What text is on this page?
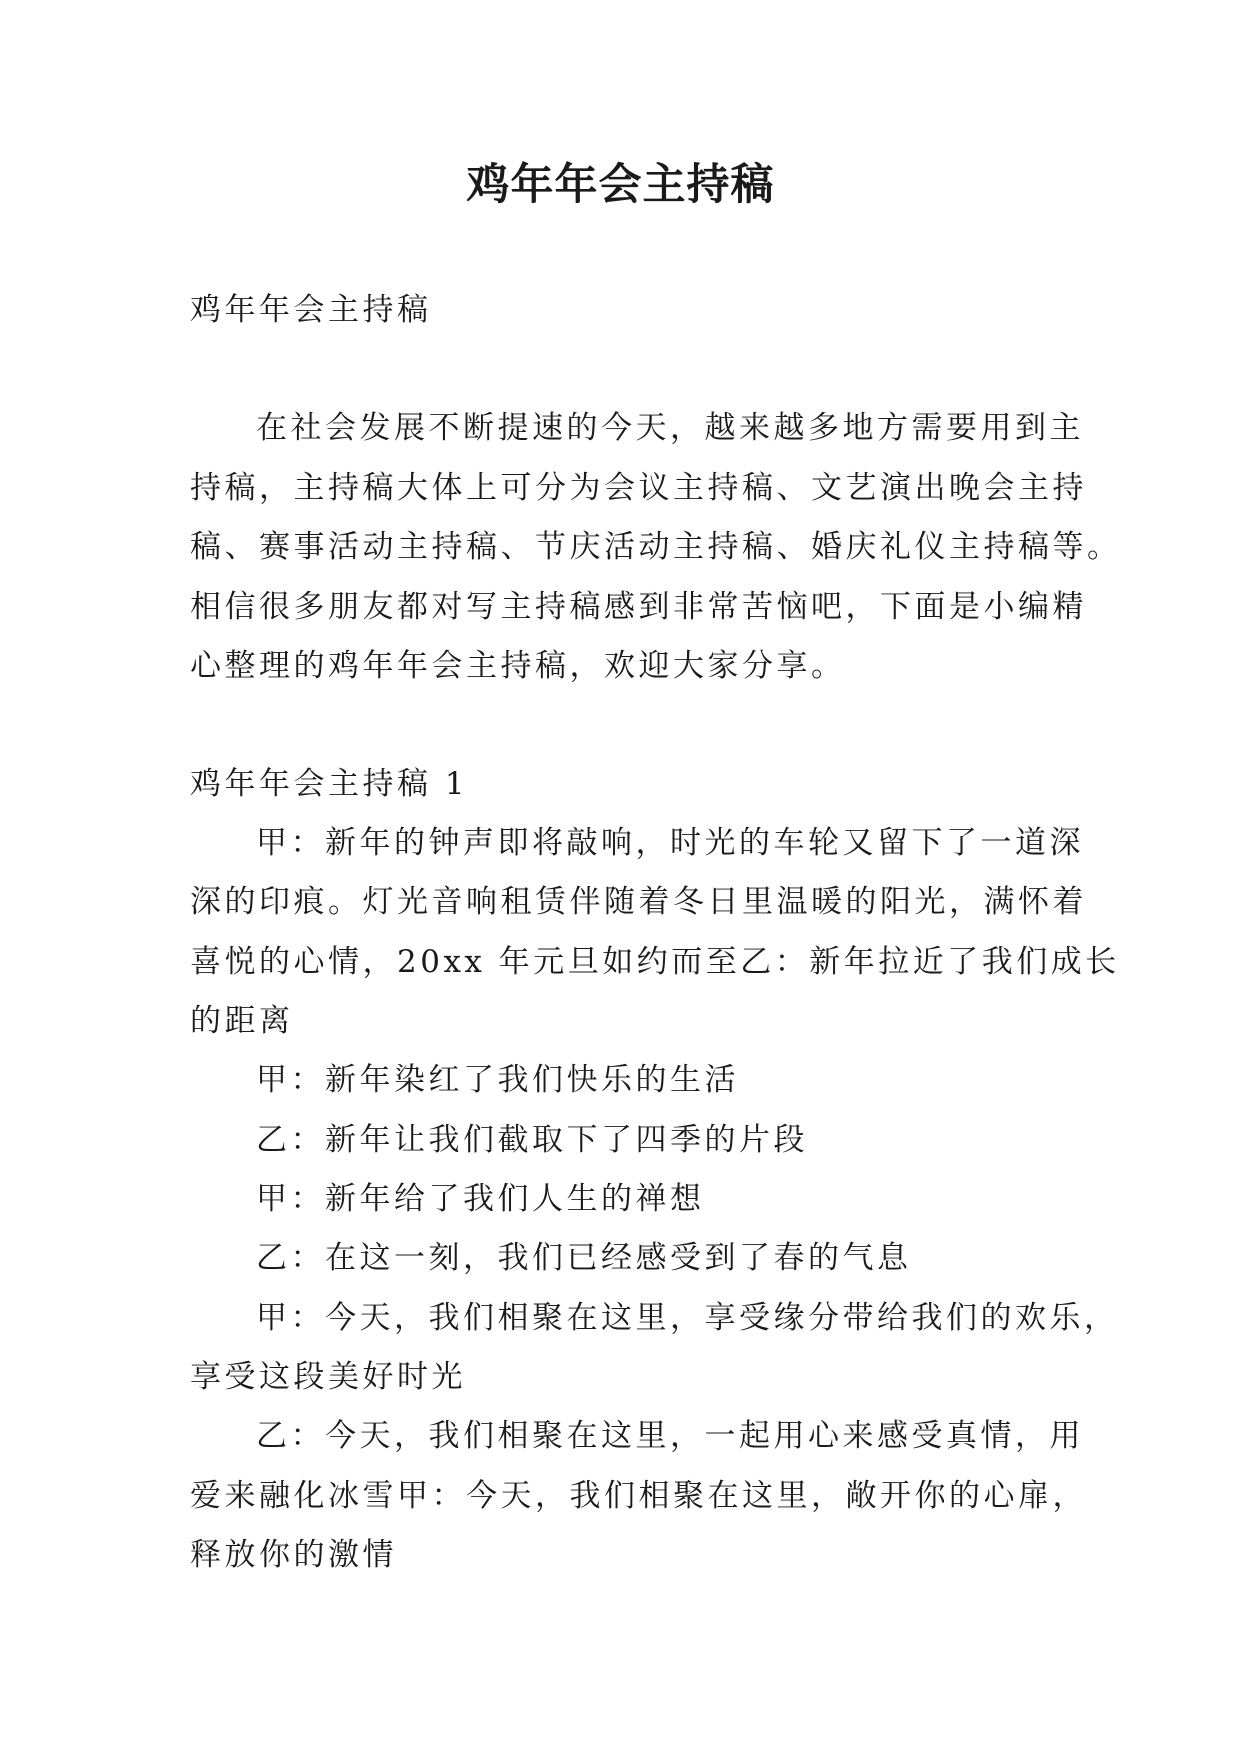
鸡年年会主持稿

鸡年年会主持稿

在社会发展不断提速的今天，越来越多地方需要用到主

持稿，主持稿大体上可分为会议主持稿、文艺演出晚会主持

稿、赛事活动主持稿、节庆活动主持稿、婚庆礼仪主持稿等。

相信很多朋友都对写主持稿感到非常苦恼吧，下面是小编精

心整理的鸡年年会主持稿，欢迎大家分享。

鸡年年会主持稿 1

甲：新年的钟声即将敲响，时光的车轮又留下了一道深

深的印痕。灯光音响租赁伴随着冬日里温暖的阳光，满怀着

喜悦的心情，20xx 年元旦如约而至乙：新年拉近了我们成长

的距离

甲：新年染红了我们快乐的生活

乙：新年让我们截取下了四季的片段

甲：新年给了我们人生的禅想

乙：在这一刻，我们已经感受到了春的气息

甲：今天，我们相聚在这里，享受缘分带给我们的欢乐，

享受这段美好时光

乙：今天，我们相聚在这里，一起用心来感受真情，用

爱来融化冰雪甲：今天，我们相聚在这里，敞开你的心扉，

释放你的激情
